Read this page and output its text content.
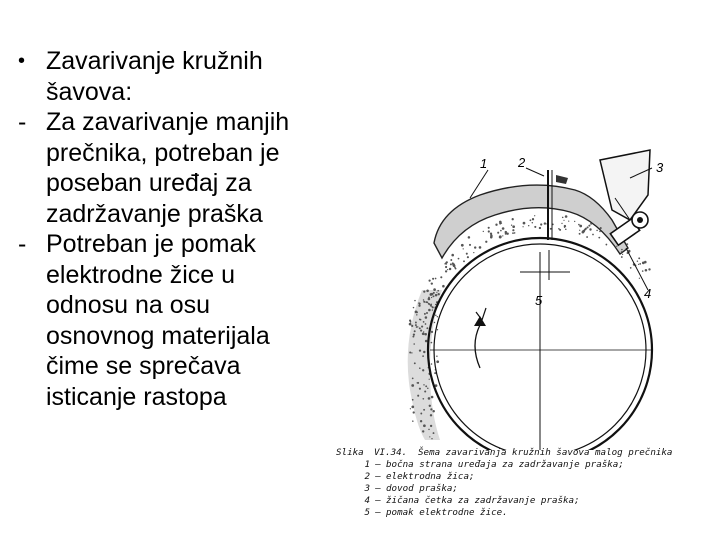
• Zavarivanje kružnih
šavova:
- Za zavarivanje manjih
prečnika, potreban je
poseban uređaj za
zadržavanje praška
- Potreban je pomak
elektrodne žice u
odnosu na osu
osnovnog materijala
čime se sprečava
isticanje rastopa
1 2	3
4
5
Slika	VI.34.	Šema zavarivanja kružnih šavova malog prečnika
1 – bočna strana uređaja za zadržavanje praška;
2 – elektrodna žica;
3 – dovod praška;
4 – žičana četka za zadržavanje praška;
5 – pomak elektrodne žice.
